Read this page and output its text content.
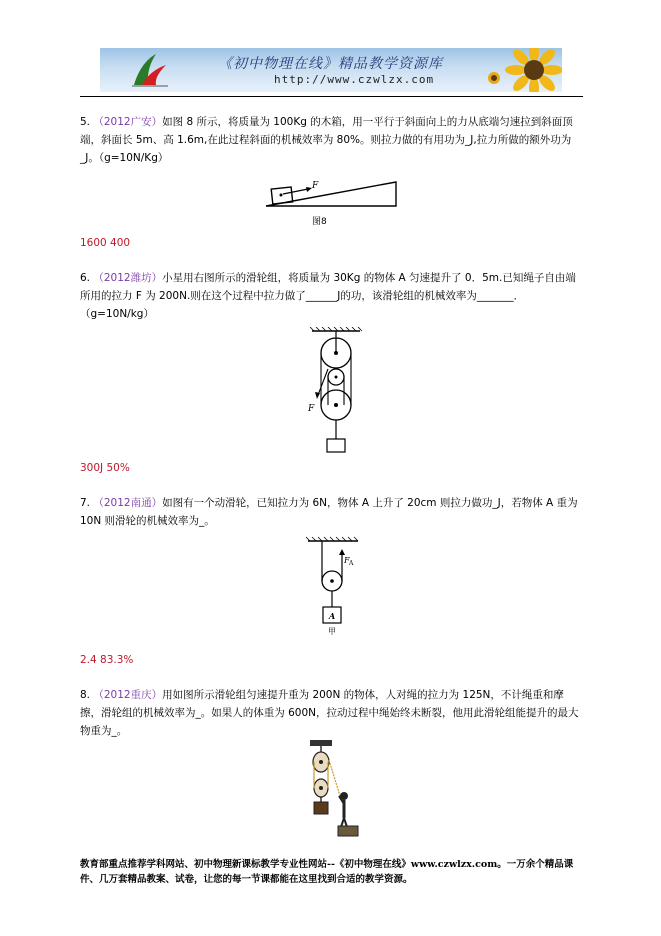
《初中物理在线》精品教学资源库
http://www.czwlzx.com
5. （2012广安）如图 8 所示，将质量为 100Kg 的木箱，用一平行于斜面向上的力从底端匀速拉到斜面顶端，斜面长 5m、高 1.6m,在此过程斜面的机械效率为 80%。则拉力做的有用功为_J,拉力所做的额外功为_J。（g=10N/Kg）
F
图8
1600 400
6. （2012潍坊）小星用右图所示的滑轮组，将质量为 30Kg 的物体 A 匀速提升了 0．5m.已知绳子自由端所用的拉力 F 为 200N.则在这个过程中拉力做了______J的功，该滑轮组的机械效率为_______．（g=10N/kg）
F
300J 50%
7. （2012南通）如图有一个动滑轮，已知拉力为 6N，物体 A 上升了 20cm 则拉力做功_J，若物体 A 重为 10N 则滑轮的机械效率为_。
F A
A
甲
2.4 83.3%
8. （2012重庆）用如图所示滑轮组匀速提升重为 200N 的物体，人对绳的拉力为 125N，不计绳重和摩擦，滑轮组的机械效率为_。如果人的体重为 600N，拉动过程中绳始终未断裂，他用此滑轮组能提升的最大物重为_。
教育部重点推荐学科网站、初中物理新课标教学专业性网站--《初中物理在线》www.czwlzx.com。一万余个精品课件、几万套精品教案、试卷，让您的每一节课都能在这里找到合适的教学资源。
